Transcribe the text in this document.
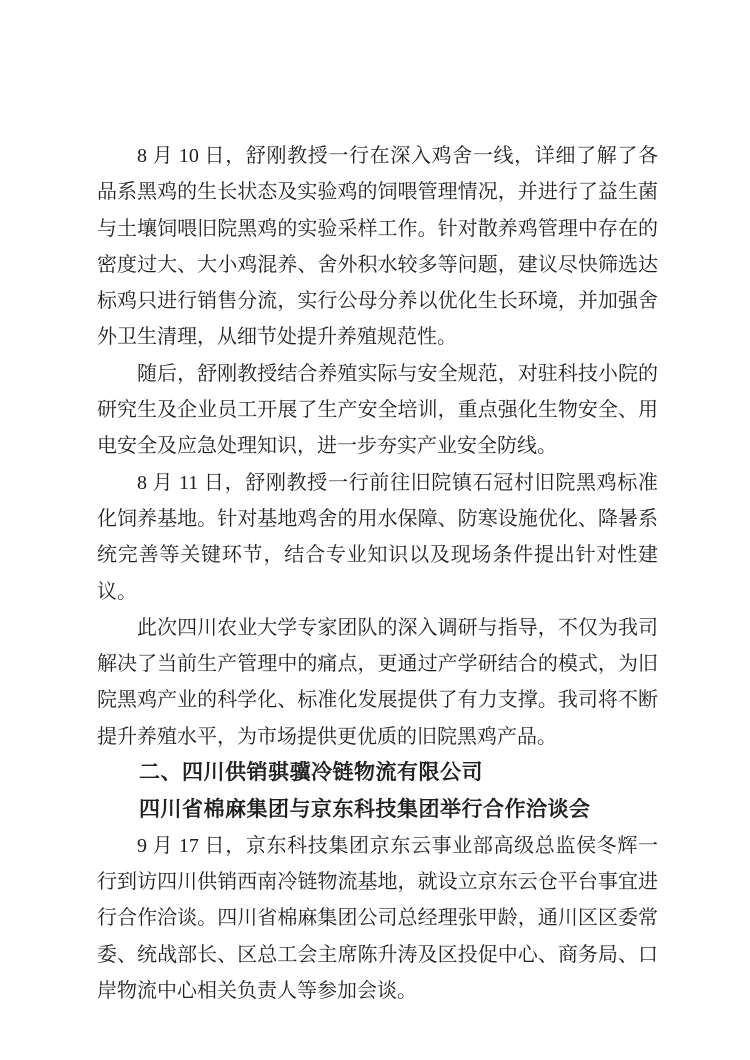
8 月 10 日，舒刚教授一行在深入鸡舍一线，详细了解了各品系黑鸡的生长状态及实验鸡的饲喂管理情况，并进行了益生菌与土壤饲喂旧院黑鸡的实验采样工作。针对散养鸡管理中存在的密度过大、大小鸡混养、舍外积水较多等问题，建议尽快筛选达标鸡只进行销售分流，实行公母分养以优化生长环境，并加强舍外卫生清理，从细节处提升养殖规范性。

随后，舒刚教授结合养殖实际与安全规范，对驻科技小院的研究生及企业员工开展了生产安全培训，重点强化生物安全、用电安全及应急处理知识，进一步夯实产业安全防线。

8 月 11 日，舒刚教授一行前往旧院镇石冠村旧院黑鸡标准化饲养基地。针对基地鸡舍的用水保障、防寒设施优化、降暑系统完善等关键环节，结合专业知识以及现场条件提出针对性建议。

此次四川农业大学专家团队的深入调研与指导，不仅为我司解决了当前生产管理中的痛点，更通过产学研结合的模式，为旧院黑鸡产业的科学化、标准化发展提供了有力支撑。我司将不断提升养殖水平，为市场提供更优质的旧院黑鸡产品。

二、四川供销骐骥冷链物流有限公司

四川省棉麻集团与京东科技集团举行合作洽谈会

9 月 17 日，京东科技集团京东云事业部高级总监侯冬辉一行到访四川供销西南冷链物流基地，就设立京东云仓平台事宜进行合作洽谈。四川省棉麻集团公司总经理张甲龄，通川区区委常委、统战部长、区总工会主席陈升涛及区投促中心、商务局、口岸物流中心相关负责人等参加会谈。
